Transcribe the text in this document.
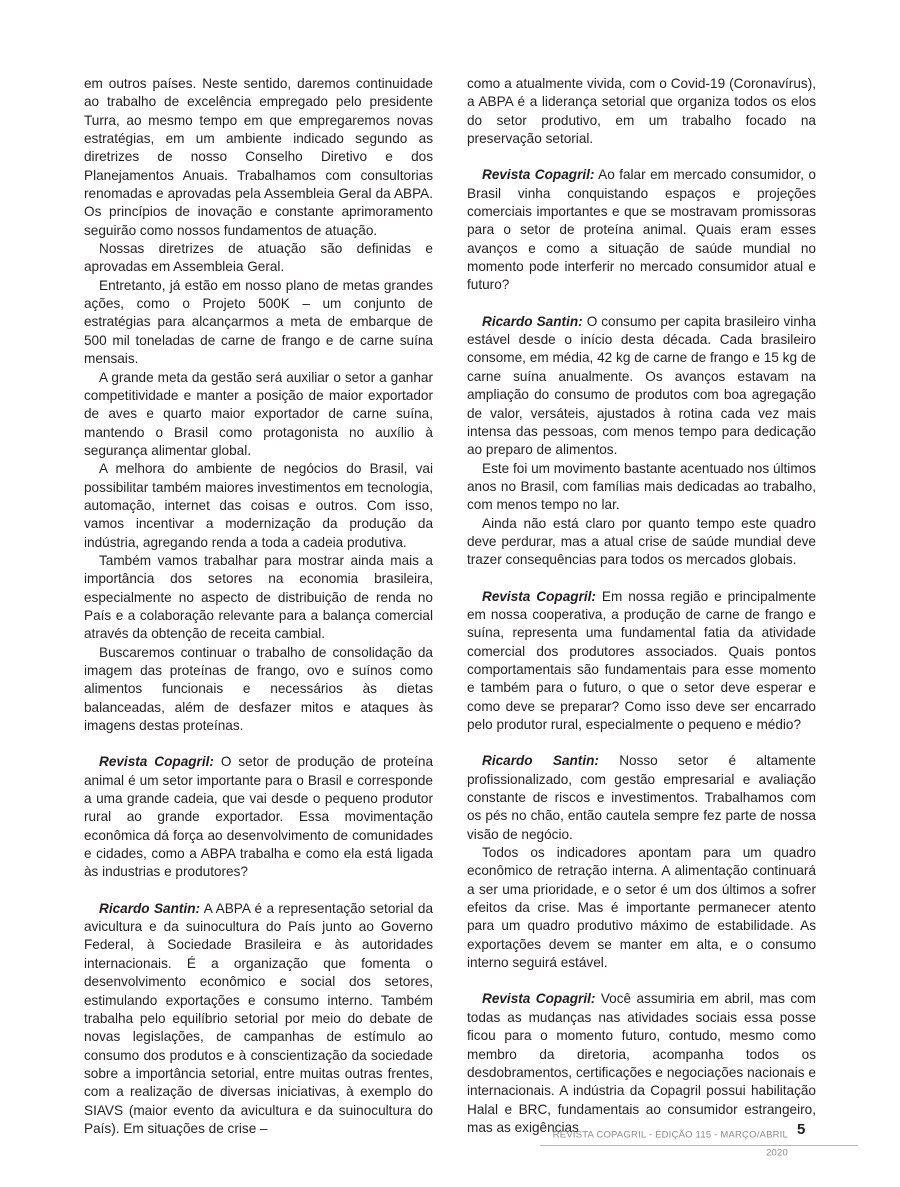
em outros países. Neste sentido, daremos continuidade ao trabalho de excelência empregado pelo presidente Turra, ao mesmo tempo em que empregaremos novas estratégias, em um ambiente indicado segundo as diretrizes de nosso Conselho Diretivo e dos Planejamentos Anuais. Trabalhamos com consultorias renomadas e aprovadas pela Assembleia Geral da ABPA. Os princípios de inovação e constante aprimoramento seguirão como nossos fundamentos de atuação.

Nossas diretrizes de atuação são definidas e aprovadas em Assembleia Geral.

Entretanto, já estão em nosso plano de metas grandes ações, como o Projeto 500K – um conjunto de estratégias para alcançarmos a meta de embarque de 500 mil toneladas de carne de frango e de carne suína mensais.

A grande meta da gestão será auxiliar o setor a ganhar competitividade e manter a posição de maior exportador de aves e quarto maior exportador de carne suína, mantendo o Brasil como protagonista no auxílio à segurança alimentar global.

A melhora do ambiente de negócios do Brasil, vai possibilitar também maiores investimentos em tecnologia, automação, internet das coisas e outros. Com isso, vamos incentivar a modernização da produção da indústria, agregando renda a toda a cadeia produtiva.

Também vamos trabalhar para mostrar ainda mais a importância dos setores na economia brasileira, especialmente no aspecto de distribuição de renda no País e a colaboração relevante para a balança comercial através da obtenção de receita cambial.

Buscaremos continuar o trabalho de consolidação da imagem das proteínas de frango, ovo e suínos como alimentos funcionais e necessários às dietas balanceadas, além de desfazer mitos e ataques às imagens destas proteínas.

Revista Copagril: O setor de produção de proteína animal é um setor importante para o Brasil e corresponde a uma grande cadeia, que vai desde o pequeno produtor rural ao grande exportador. Essa movimentação econômica dá força ao desenvolvimento de comunidades e cidades, como a ABPA trabalha e como ela está ligada às industrias e produtores?

Ricardo Santin: A ABPA é a representação setorial da avicultura e da suinocultura do País junto ao Governo Federal, à Sociedade Brasileira e às autoridades internacionais. É a organização que fomenta o desenvolvimento econômico e social dos setores, estimulando exportações e consumo interno. Também trabalha pelo equilíbrio setorial por meio do debate de novas legislações, de campanhas de estímulo ao consumo dos produtos e à conscientização da sociedade sobre a importância setorial, entre muitas outras frentes, com a realização de diversas iniciativas, à exemplo do SIAVS (maior evento da avicultura e da suinocultura do País). Em situações de crise –

como a atualmente vivida, com o Covid-19 (Coronavírus), a ABPA é a liderança setorial que organiza todos os elos do setor produtivo, em um trabalho focado na preservação setorial.

Revista Copagril: Ao falar em mercado consumidor, o Brasil vinha conquistando espaços e projeções comerciais importantes e que se mostravam promissoras para o setor de proteína animal. Quais eram esses avanços e como a situação de saúde mundial no momento pode interferir no mercado consumidor atual e futuro?

Ricardo Santin: O consumo per capita brasileiro vinha estável desde o início desta década. Cada brasileiro consome, em média, 42 kg de carne de frango e 15 kg de carne suína anualmente. Os avanços estavam na ampliação do consumo de produtos com boa agregação de valor, versáteis, ajustados à rotina cada vez mais intensa das pessoas, com menos tempo para dedicação ao preparo de alimentos.

Este foi um movimento bastante acentuado nos últimos anos no Brasil, com famílias mais dedicadas ao trabalho, com menos tempo no lar.

Ainda não está claro por quanto tempo este quadro deve perdurar, mas a atual crise de saúde mundial deve trazer consequências para todos os mercados globais.

Revista Copagril: Em nossa região e principalmente em nossa cooperativa, a produção de carne de frango e suína, representa uma fundamental fatia da atividade comercial dos produtores associados. Quais pontos comportamentais são fundamentais para esse momento e também para o futuro, o que o setor deve esperar e como deve se preparar? Como isso deve ser encarrado pelo produtor rural, especialmente o pequeno e médio?

Ricardo Santin: Nosso setor é altamente profissionalizado, com gestão empresarial e avaliação constante de riscos e investimentos. Trabalhamos com os pés no chão, então cautela sempre fez parte de nossa visão de negócio.

Todos os indicadores apontam para um quadro econômico de retração interna. A alimentação continuará a ser uma prioridade, e o setor é um dos últimos a sofrer efeitos da crise. Mas é importante permanecer atento para um quadro produtivo máximo de estabilidade. As exportações devem se manter em alta, e o consumo interno seguirá estável.

Revista Copagril: Você assumiria em abril, mas com todas as mudanças nas atividades sociais essa posse ficou para o momento futuro, contudo, mesmo como membro da diretoria, acompanha todos os desdobramentos, certificações e negociações nacionais e internacionais. A indústria da Copagril possui habilitação Halal e BRC, fundamentais ao consumidor estrangeiro, mas as exigências

REVISTA COPAGRIL - EDIÇÃO 115 - MARÇO/ABRIL 2020
5
